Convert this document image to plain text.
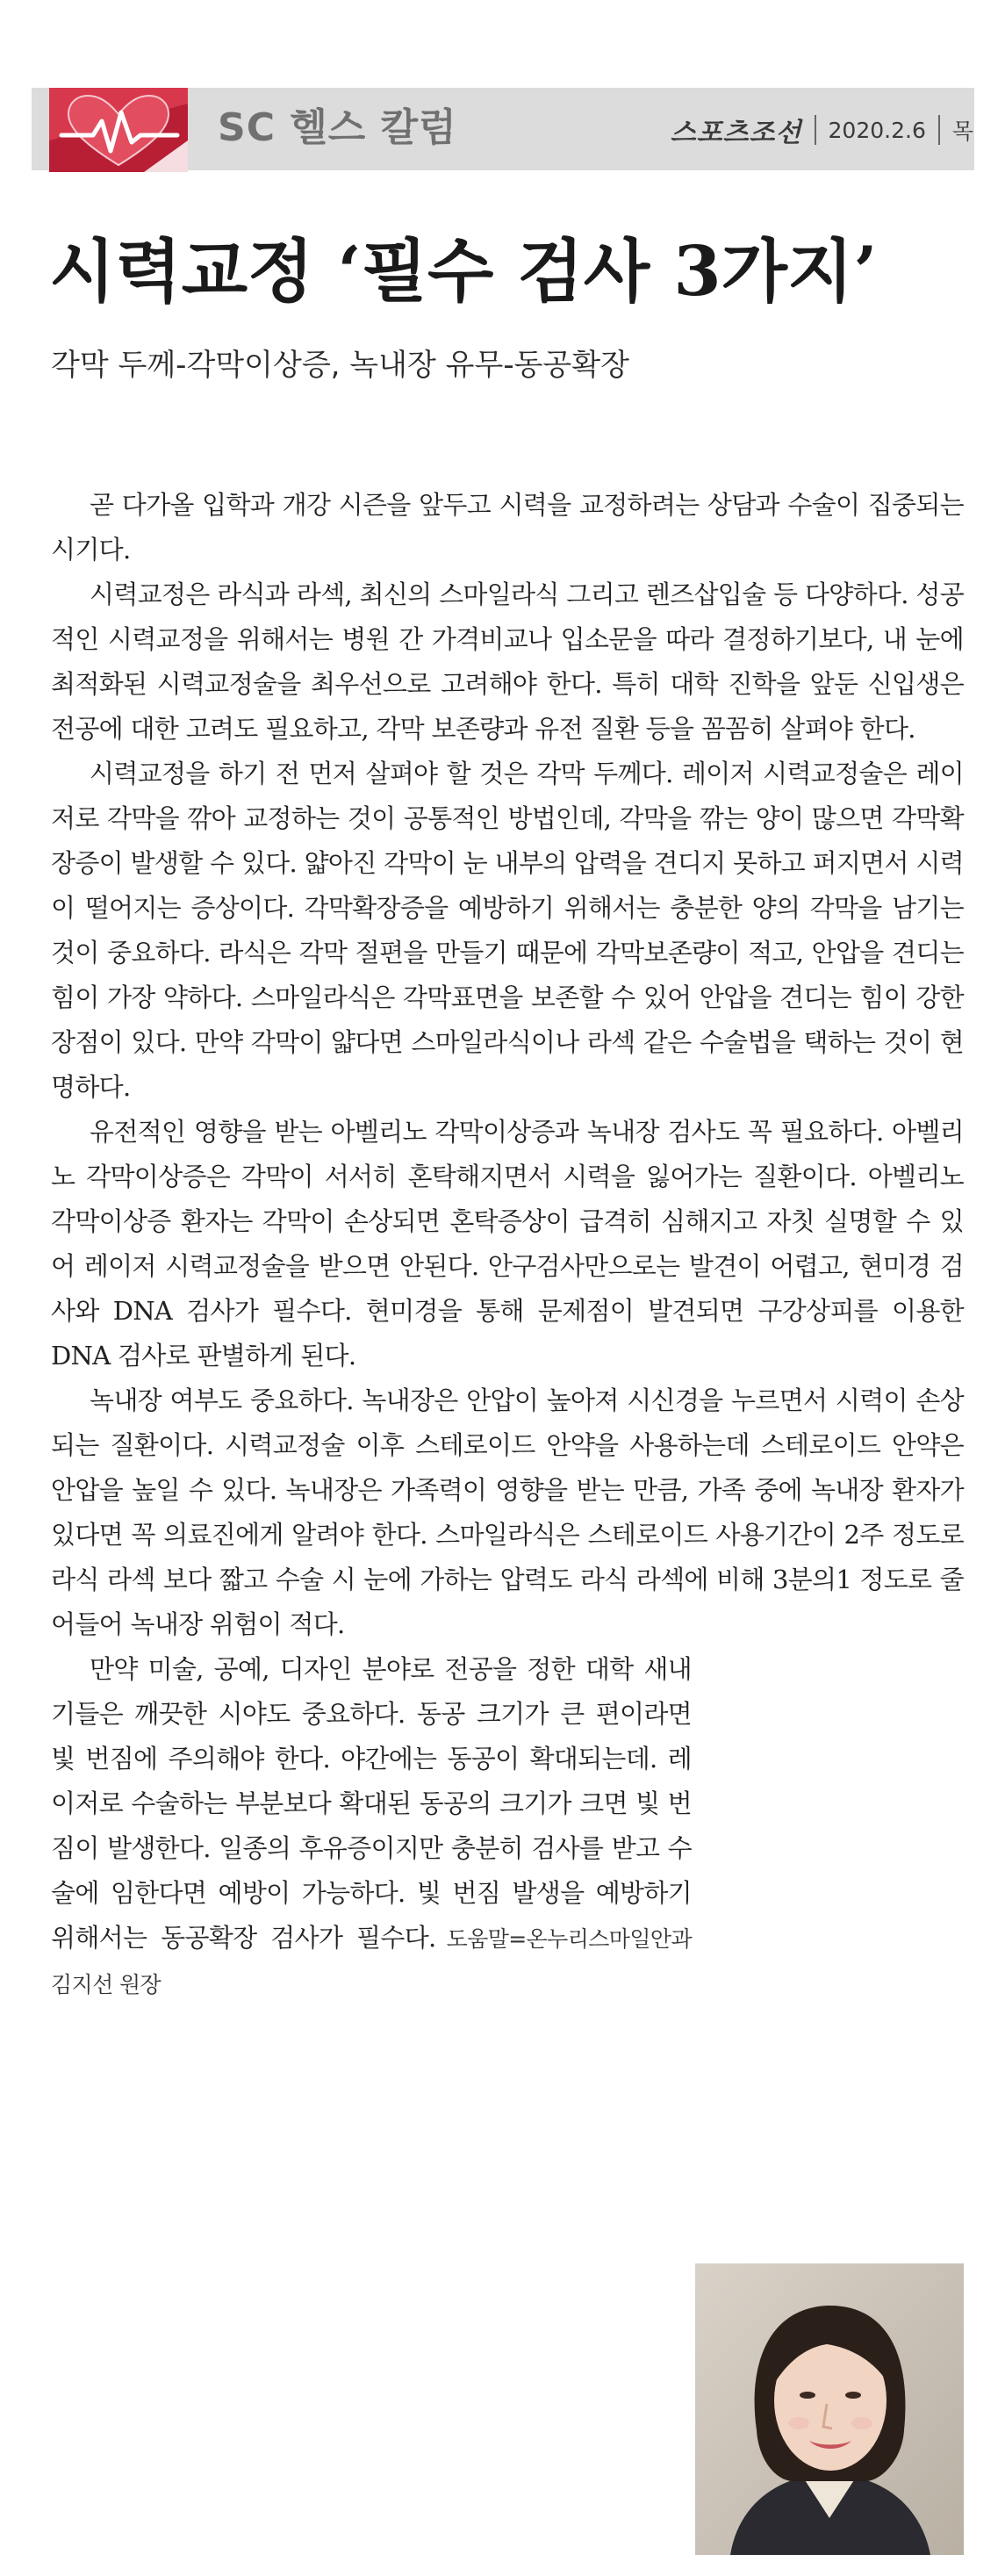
SC 헬스 칼럼	스포츠조선 2020.2.6 목
시력교정 ‘필수 검사 3가지’
각막 두께-각막이상증, 녹내장 유무-동공확장

곧 다가올 입학과 개강 시즌을 앞두고 시력을 교정하려는 상담과 수술이 집중되는 시기다.

시력교정은 라식과 라섹, 최신의 스마일라식 그리고 렌즈삽입술 등 다양하다. 성공적인 시력교정을 위해서는 병원 간 가격비교나 입소문을 따라 결정하기보다, 내 눈에 최적화된 시력교정술을 최우선으로 고려해야 한다. 특히 대학 진학을 앞둔 신입생은 전공에 대한 고려도 필요하고, 각막 보존량과 유전 질환 등을 꼼꼼히 살펴야 한다.

시력교정을 하기 전 먼저 살펴야 할 것은 각막 두께다. 레이저 시력교정술은 레이저로 각막을 깎아 교정하는 것이 공통적인 방법인데, 각막을 깎는 양이 많으면 각막확장증이 발생할 수 있다. 얇아진 각막이 눈 내부의 압력을 견디지 못하고 퍼지면서 시력이 떨어지는 증상이다. 각막확장증을 예방하기 위해서는 충분한 양의 각막을 남기는 것이 중요하다. 라식은 각막 절편을 만들기 때문에 각막보존량이 적고, 안압을 견디는 힘이 가장 약하다. 스마일라식은 각막표면을 보존할 수 있어 안압을 견디는 힘이 강한 장점이 있다. 만약 각막이 얇다면 스마일라식이나 라섹 같은 수술법을 택하는 것이 현명하다.

유전적인 영향을 받는 아벨리노 각막이상증과 녹내장 검사도 꼭 필요하다. 아벨리노 각막이상증은 각막이 서서히 혼탁해지면서 시력을 잃어가는 질환이다. 아벨리노 각막이상증 환자는 각막이 손상되면 혼탁증상이 급격히 심해지고 자칫 실명할 수 있어 레이저 시력교정술을 받으면 안된다. 안구검사만으로는 발견이 어렵고, 현미경 검사와 DNA 검사가 필수다. 현미경을 통해 문제점이 발견되면 구강상피를 이용한 DNA 검사로 판별하게 된다.

녹내장 여부도 중요하다. 녹내장은 안압이 높아져 시신경을 누르면서 시력이 손상되는 질환이다. 시력교정술 이후 스테로이드 안약을 사용하는데 스테로이드 안약은 안압을 높일 수 있다. 녹내장은 가족력이 영향을 받는 만큼, 가족 중에 녹내장 환자가 있다면 꼭 의료진에게 알려야 한다. 스마일라식은 스테로이드 사용기간이 2주 정도로 라식 라섹 보다 짧고 수술 시 눈에 가하는 압력도 라식 라섹에 비해 3분의1 정도로 줄어들어 녹내장 위험이 적다.

만약 미술, 공예, 디자인 분야로 전공을 정한 대학 새내기들은 깨끗한 시야도 중요하다. 동공 크기가 큰 편이라면 빛 번짐에 주의해야 한다. 야간에는 동공이 확대되는데. 레이저로 수술하는 부분보다 확대된 동공의 크기가 크면 빛 번짐이 발생한다. 일종의 후유증이지만 충분히 검사를 받고 수술에 임한다면 예방이 가능하다. 빛 번짐 발생을 예방하기 위해서는 동공확장 검사가 필수다. 도움말=온누리스마일안과 김지선 원장
